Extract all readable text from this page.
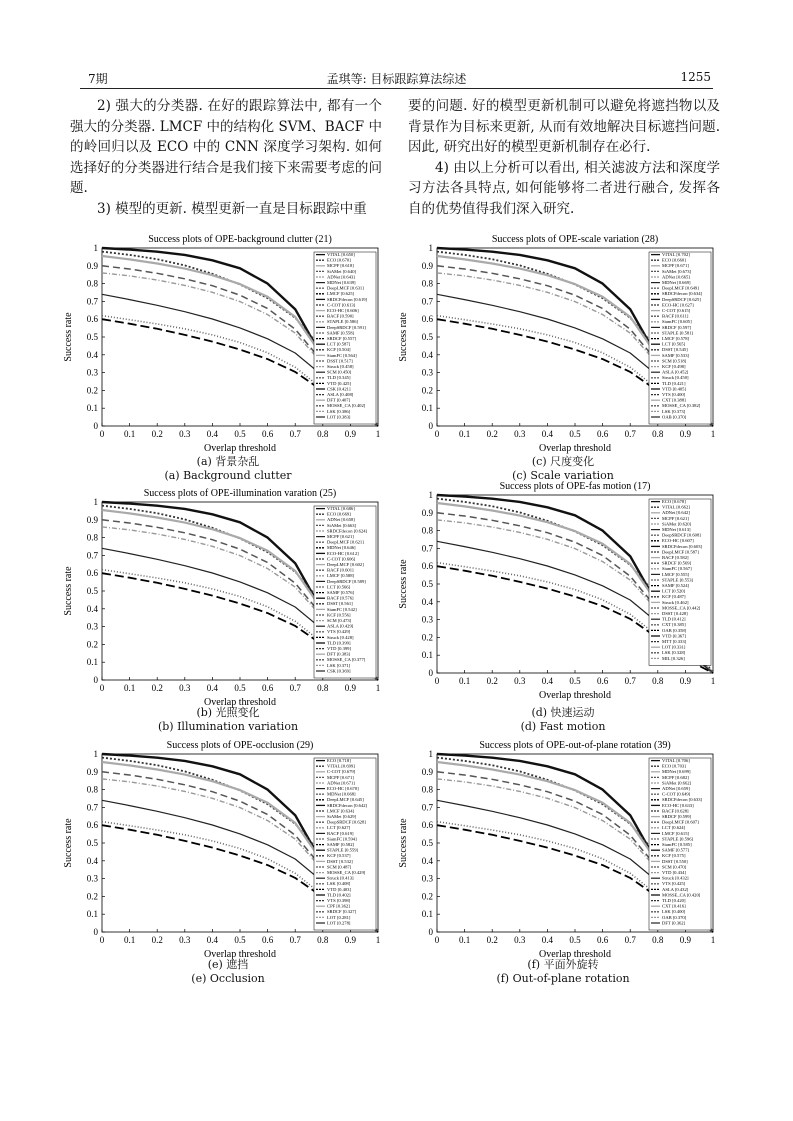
7期	孟琪等: 目标跟踪算法综述	1255

2) 强大的分类器. 在好的跟踪算法中, 都有一个强大的分类器. LMCF 中的结构化 SVM、BACF 中的岭回归以及 ECO 中的 CNN 深度学习架构. 如何选择好的分类器进行结合是我们接下来需要考虑的问题.

3) 模型的更新. 模型更新一直是目标跟踪中重

要的问题. 好的模型更新机制可以避免将遮挡物以及背景作为目标来更新, 从而有效地解决目标遮挡问题. 因此, 研究出好的模型更新机制存在必行.

4) 由以上分析可以看出, 相关滤波方法和深度学习方法各具特点, 如何能够将二者进行融合, 发挥各自的优势值得我们深入研究.

Success plots of OPE-background clutter (21)
0 0.1 0.2 0.3 0.4 0.5 0.6 0.7 0.8 0.9 1
0
0.1
0.2
0.3
0.4
0.5
0.6
0.7
0.8
0.9
1
Overlap threshold
Success rate
VITAL [0.650]
ECO [0.670]
MCPF [0.618]
SiAMet [0.640]
ADNet [0.643]
MDNet [0.639]
DeepLMCF [0.631]
LMCF [0.625]
SRDCFdecon [0.619]
C-COT [0.613]
ECO-HC [0.606]
BACF [0.590]
STAPLE [0.586]
DeepSRDCF [0.591]
SAMF [0.558]
SRDCF [0.557]
LCT [0.587]
KCF [0.504]
SiamFC [0.564]
DSST [0.517]
Struck [0.458]
SCM [0.450]
TLD [0.345]
VTD [0.425]
CSK [0.421]
ASLA [0.408]
DFT [0.407]
MOSSE_CA [0.402]
LSK [0.386]
LOT [0.383]
(a) 背景杂乱
(a) Background clutter
Success plots of OPE-scale variation (28)
0 0.1 0.2 0.3 0.4 0.5 0.6 0.7 0.8 0.9 1
0
0.1
0.2
0.3
0.4
0.5
0.6
0.7
0.8
0.9
1
Overlap threshold
Success rate
VITAL [0.702]
ECO [0.660]
MCPF [0.671]
SiAMet [0.673]
ADNet [0.665]
MDNet [0.669]
DeepLMCF [0.649]
SRDCFdecon [0.634]
DeepSRDCF [0.625]
ECO-HC [0.627]
C-COT [0.615]
BACF [0.611]
SiamFC [0.605]
SRDCF [0.597]
STAPLE [0.581]
LMCF [0.578]
LCT [0.565]
DSST [0.545]
SAMF [0.533]
SCM [0.518]
KCF [0.498]
ASLA [0.452]
Struck [0.450]
TLD [0.421]
VTD [0.405]
VTS [0.400]
CXT [0.388]
MOSSE_CA [0.382]
LSK [0.373]
OAB [0.370]
(c) 尺度变化
(c) Scale variation
Success plots of OPE-illumination varation (25)
0 0.1 0.2 0.3 0.4 0.5 0.6 0.7 0.8 0.9 1
0
0.1
0.2
0.3
0.4
0.5
0.6
0.7
0.8
0.9
1
Overlap threshold
Success rate
VITAL [0.686]
ECO [0.669]
ADNet [0.658]
SiAMet [0.663]
SRDCFdecon [0.624]
MCPF [0.621]
DeepLMCF [0.621]
MDNet [0.646]
ECO-HC [0.612]
C-COT [0.606]
DeepLMCF [0.602]
BACF [0.601]
LMCF [0.588]
DeepSRDCF [0.589]
LCT [0.566]
SAMF [0.576]
BACF [0.576]
DSST [0.561]
SiamFC [0.542]
KCF [0.556]
SCM [0.473]
ASLA [0.429]
VTS [0.429]
Struck [0.428]
TLD [0.399]
VTD [0.399]
DFT [0.383]
MOSSE_CA [0.377]
LSK [0.371]
CSK [0.369]
(b) 光照变化
(b) Illumination variation
Success plots of OPE-fas motion (17)
0 0.1 0.2 0.3 0.4 0.5 0.6 0.7 0.8 0.9 1
0
0.1
0.2
0.3
0.4
0.5
0.6
0.7
0.8
0.9
1
Overlap threshold
Success rate
ECO [0.678]
VITAL [0.662]
ADNet [0.642]
MCPF [0.621]
SiAMet [0.620]
MDNet [0.613]
DeepSRDCF [0.608]
ECO-HC [0.607]
SRDCFdecon [0.603]
DeepLMCF [0.587]
BACF [0.582]
SRDCF [0.569]
SiamFC [0.567]
LMCF [0.555]
STAPLE [0.553]
SAMF [0.524]
LCT [0.520]
KCF [0.487]
Struck [0.462]
MOSSE_CA [0.442]
DSST [0.428]
TLD [0.412]
CXT [0.385]
OAB [0.358]
VTD [0.367]
MTT [0.333]
LOT [0.331]
LSK [0.328]
MIL [0.326]
(d) 快速运动
(d) Fast motion
Success plots of OPE-occlusion (29)
0 0.1 0.2 0.3 0.4 0.5 0.6 0.7 0.8 0.9 1
0
0.1
0.2
0.3
0.4
0.5
0.6
0.7
0.8
0.9
1
Overlap threshold
Success rate
ECO [0.718]
VITAL [0.699]
C-COT [0.679]
MCPF [0.671]
ADNet [0.671]
ECO-HC [0.670]
MDNet [0.668]
DeepLMCF [0.645]
SRDCFdecon [0.642]
LMCF [0.634]
SiAMet [0.629]
DeepSRDCF [0.628]
LCT [0.627]
BACF [0.619]
SiamFC [0.594]
SAMF [0.582]
STAPLE [0.559]
KCF [0.537]
DSST [0.532]
SCM [0.487]
MOSSE_CA [0.429]
Struck [0.413]
LSK [0.408]
VTD [0.403]
TLD [0.402]
VTS [0.398]
CPF [0.362]
SRDCF [0.327]
LOT [0.281]
LOT [0.278]
(e) 遮挡
(e) Occlusion
Success plots of OPE-out-of-plane rotation (39)
0 0.1 0.2 0.3 0.4 0.5 0.6 0.7 0.8 0.9 1
0
0.1
0.2
0.3
0.4
0.5
0.6
0.7
0.8
0.9
1
Overlap threshold
Success rate
VITAL [0.706]
ECO [0.703]
MDNet [0.699]
MCPF [0.682]
SiAMet [0.662]
ADNet [0.659]
C-COT [0.649]
SRDCFdecon [0.633]
ECO-HC [0.633]
BACF [0.628]
SRDCF [0.599]
DeepLMCF [0.607]
LCT [0.624]
LMCF [0.615]
STAPLE [0.596]
SiamFC [0.585]
SAMF [0.577]
KCF [0.575]
DSST [0.550]
SCM [0.470]
VTD [0.434]
Struck [0.432]
VTS [0.425]
ASLA [0.432]
MOSSE_CA [0.420]
TLD [0.420]
CXT [0.416]
LSK [0.400]
OAB [0.370]
DFT [0.362]
(f) 平面外旋转
(f) Out-of-plane rotation
